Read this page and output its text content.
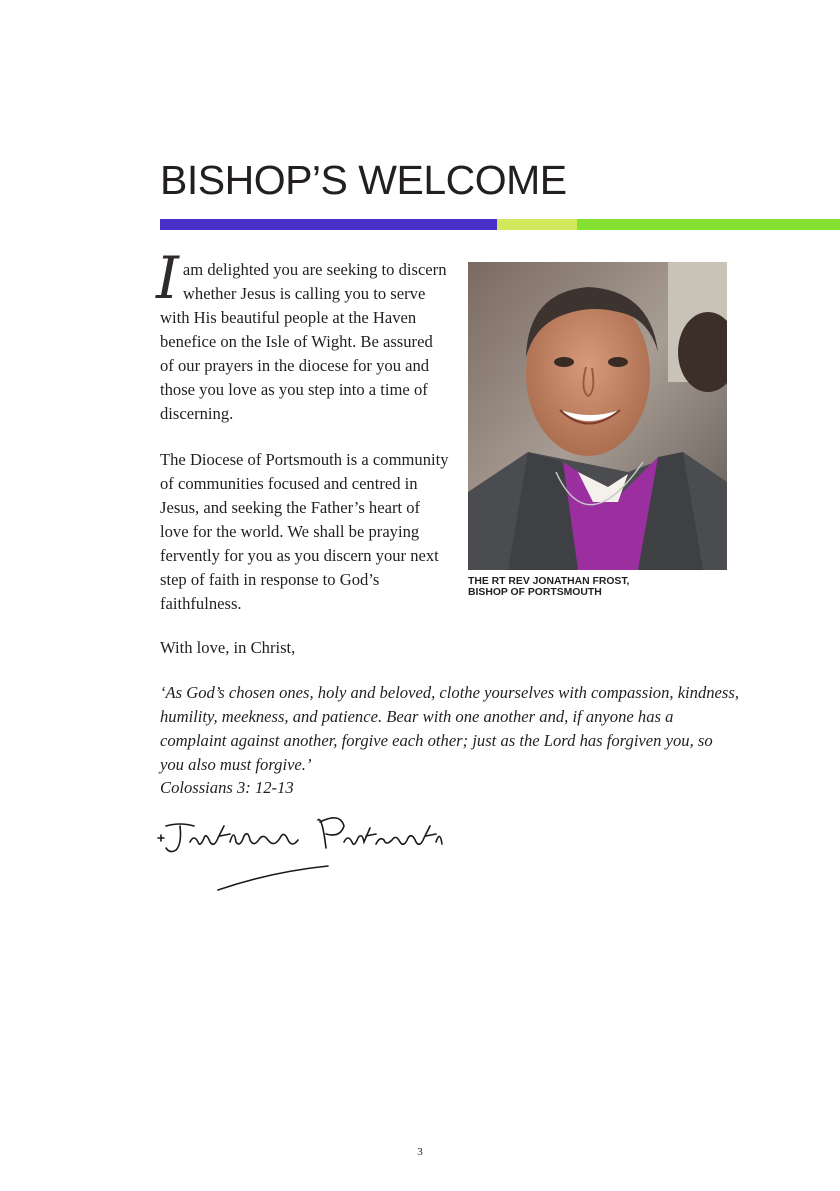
BISHOP’S WELCOME

Iam delighted you are seeking to discern whether Jesus is calling you to serve with His beautiful people at the Haven benefice on the Isle of Wight. Be assured of our prayers in the diocese for you and those you love as you step into a time of discerning.

The Diocese of Portsmouth is a community of communities focused and centred in Jesus, and seeking the Father’s heart of love for the world. We shall be praying fervently for you as you discern your next step of faith in response to God’s faithfulness.

THE RT REV JONATHAN FROST,
BISHOP OF PORTSMOUTH
With love, in Christ,
‘As God’s chosen ones, holy and beloved, clothe yourselves with compassion, kindness, humility, meekness, and patience. Bear with one another and, if anyone has a complaint against another, forgive each other; just as the Lord has forgiven you, so you also must forgive.’
Colossians 3: 12-13
3
